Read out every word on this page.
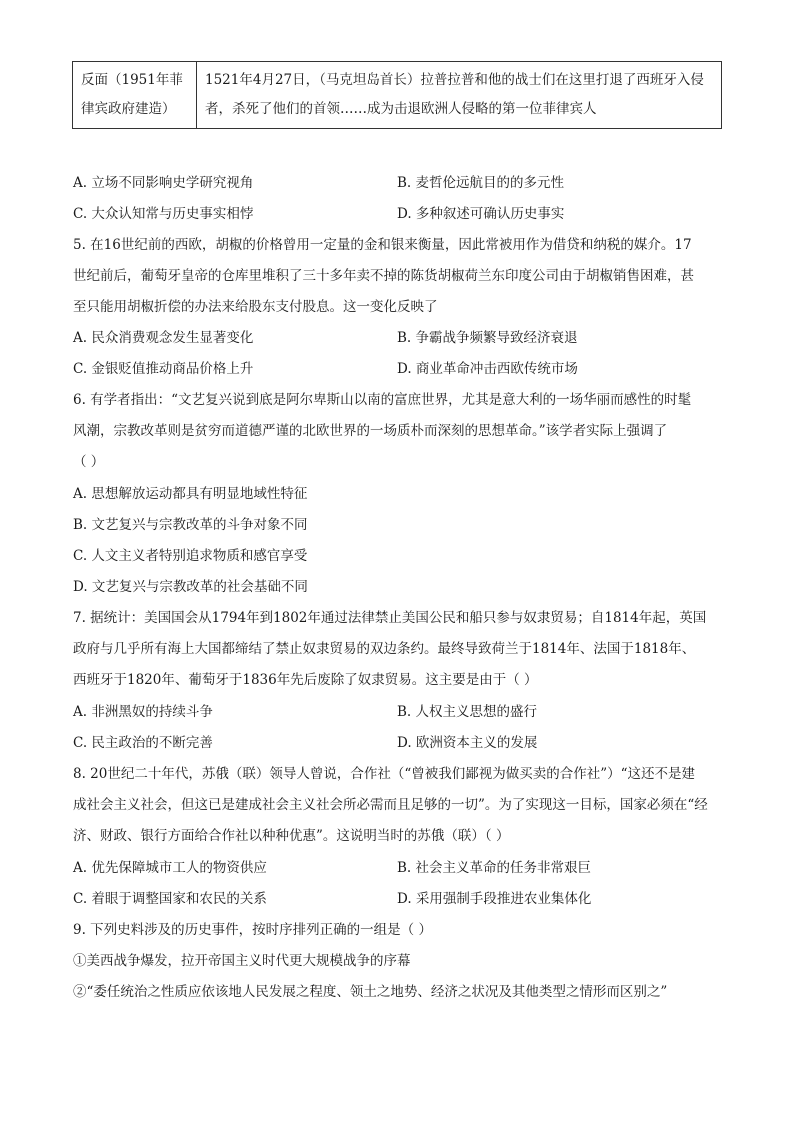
反面（1951年菲律宾政府建造）	1521年4月27日，（马克坦岛首长）拉普拉普和他的战士们在这里打退了西班牙入侵者，杀死了他们的首领……成为击退欧洲人侵略的第一位菲律宾人
A. 立场不同影响史学研究视角	B. 麦哲伦远航目的的多元性
C. 大众认知常与历史事实相悖	D. 多种叙述可确认历史事实
5. 在16世纪前的西欧，胡椒的价格曾用一定量的金和银来衡量，因此常被用作为借贷和纳税的媒介。17
世纪前后，葡萄牙皇帝的仓库里堆积了三十多年卖不掉的陈货胡椒荷兰东印度公司由于胡椒销售困难，甚
至只能用胡椒折偿的办法来给股东支付股息。这一变化反映了
A. 民众消费观念发生显著变化	B. 争霸战争频繁导致经济衰退
C. 金银贬值推动商品价格上升	D. 商业革命冲击西欧传统市场
6. 有学者指出：“文艺复兴说到底是阿尔卑斯山以南的富庶世界，尤其是意大利的一场华丽而感性的时髦
风潮，宗教改革则是贫穷而道德严谨的北欧世界的一场质朴而深刻的思想革命。”该学者实际上强调了
（ ）
A. 思想解放运动都具有明显地域性特征
B. 文艺复兴与宗教改革的斗争对象不同
C. 人文主义者特别追求物质和感官享受
D. 文艺复兴与宗教改革的社会基础不同
7. 据统计：美国国会从1794年到1802年通过法律禁止美国公民和船只参与奴隶贸易；自1814年起，英国
政府与几乎所有海上大国都缔结了禁止奴隶贸易的双边条约。最终导致荷兰于1814年、法国于1818年、
西班牙于1820年、葡萄牙于1836年先后废除了奴隶贸易。这主要是由于（ ）
A. 非洲黑奴的持续斗争	B. 人权主义思想的盛行
C. 民主政治的不断完善	D. 欧洲资本主义的发展
8. 20世纪二十年代，苏俄（联）领导人曾说，合作社（“曾被我们鄙视为做买卖的合作社”）“这还不是建
成社会主义社会，但这已是建成社会主义社会所必需而且足够的一切”。为了实现这一目标，国家必须在“经
济、财政、银行方面给合作社以种种优惠”。这说明当时的苏俄（联）（ ）
A. 优先保障城市工人的物资供应	B. 社会主义革命的任务非常艰巨
C. 着眼于调整国家和农民的关系	D. 采用强制手段推进农业集体化
9. 下列史料涉及的历史事件，按时序排列正确的一组是（ ）
①美西战争爆发，拉开帝国主义时代更大规模战争的序幕
②“委任统治之性质应依该地人民发展之程度、领土之地势、经济之状况及其他类型之情形而区别之”
